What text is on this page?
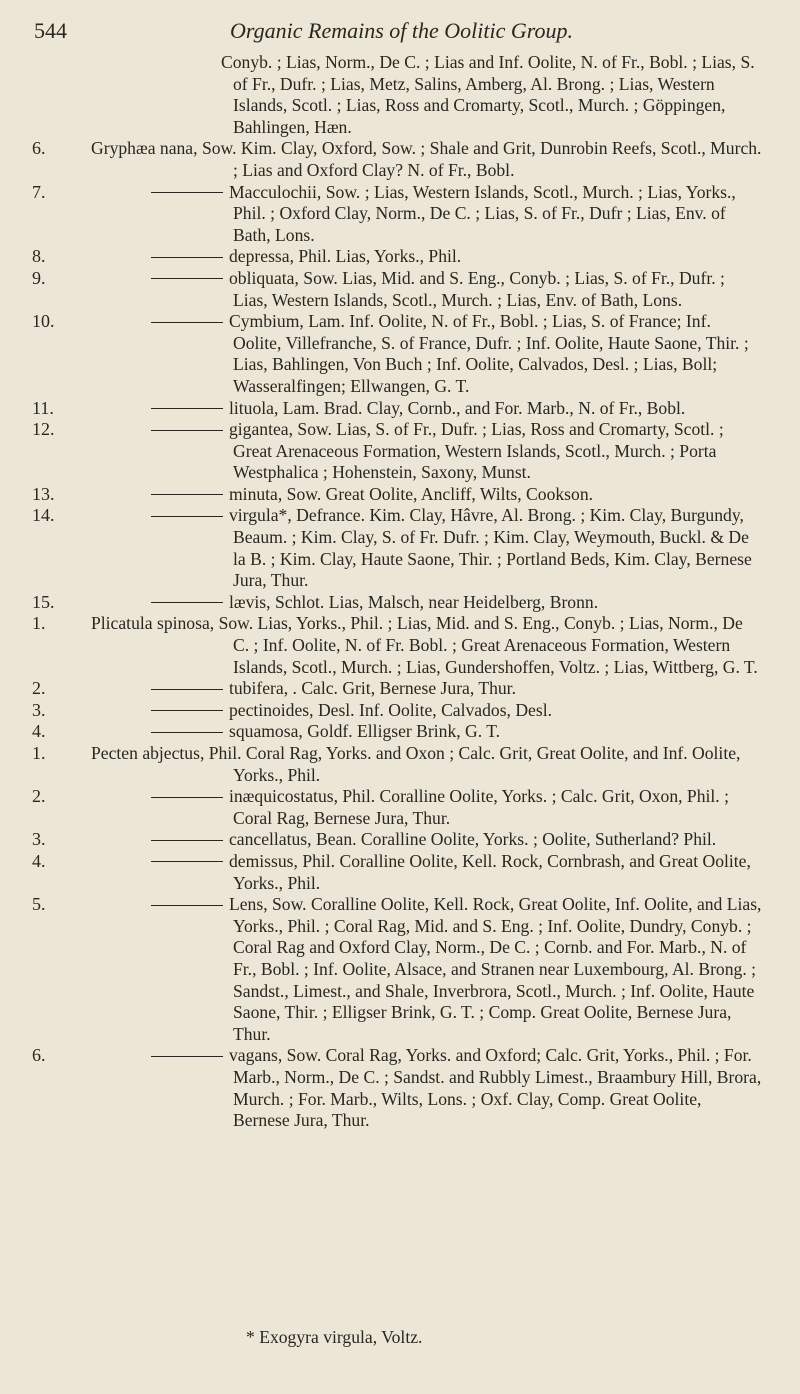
544	Organic Remains of the Oolitic Group.
Conyb. ; Lias, Norm., De C. ; Lias and Inf. Oolite, N. of Fr., Bobl. ; Lias, S. of Fr., Dufr. ; Lias, Metz, Salins, Amberg, Al. Brong. ; Lias, Western Islands, Scotl. ; Lias, Ross and Cromarty, Scotl., Murch. ; Göppingen, Bahlingen, Hæn.
6.	Gryphæa nana, Sow. Kim. Clay, Oxford, Sow. ; Shale and Grit, Dunrobin Reefs, Scotl., Murch. ; Lias and Oxford Clay? N. of Fr., Bobl.
7.	Macculochii, Sow. ; Lias, Western Islands, Scotl., Murch. ; Lias, Yorks., Phil. ; Oxford Clay, Norm., De C. ; Lias, S. of Fr., Dufr ; Lias, Env. of Bath, Lons.
8.	depressa, Phil. Lias, Yorks., Phil.
9.	obliquata, Sow. Lias, Mid. and S. Eng., Conyb. ; Lias, S. of Fr., Dufr. ; Lias, Western Islands, Scotl., Murch. ; Lias, Env. of Bath, Lons.
10.	Cymbium, Lam. Inf. Oolite, N. of Fr., Bobl. ; Lias, S. of France; Inf. Oolite, Villefranche, S. of France, Dufr. ; Inf. Oolite, Haute Saone, Thir. ; Lias, Bahlingen, Von Buch ; Inf. Oolite, Calvados, Desl. ; Lias, Boll; Wasseralfingen; Ellwangen, G. T.
11.	lituola, Lam. Brad. Clay, Cornb., and For. Marb., N. of Fr., Bobl.
12.	gigantea, Sow. Lias, S. of Fr., Dufr. ; Lias, Ross and Cromarty, Scotl. ; Great Arenaceous Formation, Western Islands, Scotl., Murch. ; Porta Westphalica ; Hohenstein, Saxony, Munst.
13.	minuta, Sow. Great Oolite, Ancliff, Wilts, Cookson.
14.	virgula*, Defrance. Kim. Clay, Hâvre, Al. Brong. ; Kim. Clay, Burgundy, Beaum. ; Kim. Clay, S. of Fr. Dufr. ; Kim. Clay, Weymouth, Buckl. & De la B. ; Kim. Clay, Haute Saone, Thir. ; Portland Beds, Kim. Clay, Bernese Jura, Thur.
15.	lævis, Schlot. Lias, Malsch, near Heidelberg, Bronn.
1.	Plicatula spinosa, Sow. Lias, Yorks., Phil. ; Lias, Mid. and S. Eng., Conyb. ; Lias, Norm., De C. ; Inf. Oolite, N. of Fr. Bobl. ; Great Arenaceous Formation, Western Islands, Scotl., Murch. ; Lias, Gundershoffen, Voltz. ; Lias, Wittberg, G. T.
2.	tubifera, . Calc. Grit, Bernese Jura, Thur.
3.	pectinoides, Desl. Inf. Oolite, Calvados, Desl.
4.	squamosa, Goldf. Elligser Brink, G. T.
1.	Pecten abjectus, Phil. Coral Rag, Yorks. and Oxon ; Calc. Grit, Great Oolite, and Inf. Oolite, Yorks., Phil.
2.	inæquicostatus, Phil. Coralline Oolite, Yorks. ; Calc. Grit, Oxon, Phil. ; Coral Rag, Bernese Jura, Thur.
3.	cancellatus, Bean. Coralline Oolite, Yorks. ; Oolite, Sutherland? Phil.
4.	demissus, Phil. Coralline Oolite, Kell. Rock, Cornbrash, and Great Oolite, Yorks., Phil.
5.	Lens, Sow. Coralline Oolite, Kell. Rock, Great Oolite, Inf. Oolite, and Lias, Yorks., Phil. ; Coral Rag, Mid. and S. Eng. ; Inf. Oolite, Dundry, Conyb. ; Coral Rag and Oxford Clay, Norm., De C. ; Cornb. and For. Marb., N. of Fr., Bobl. ; Inf. Oolite, Alsace, and Stranen near Luxembourg, Al. Brong. ; Sandst., Limest., and Shale, Inverbrora, Scotl., Murch. ; Inf. Oolite, Haute Saone, Thir. ; Elligser Brink, G. T. ; Comp. Great Oolite, Bernese Jura, Thur.
6.	vagans, Sow. Coral Rag, Yorks. and Oxford; Calc. Grit, Yorks., Phil. ; For. Marb., Norm., De C. ; Sandst. and Rubbly Limest., Braambury Hill, Brora, Murch. ; For. Marb., Wilts, Lons. ; Oxf. Clay, Comp. Great Oolite, Bernese Jura, Thur.
* Exogyra virgula, Voltz.
